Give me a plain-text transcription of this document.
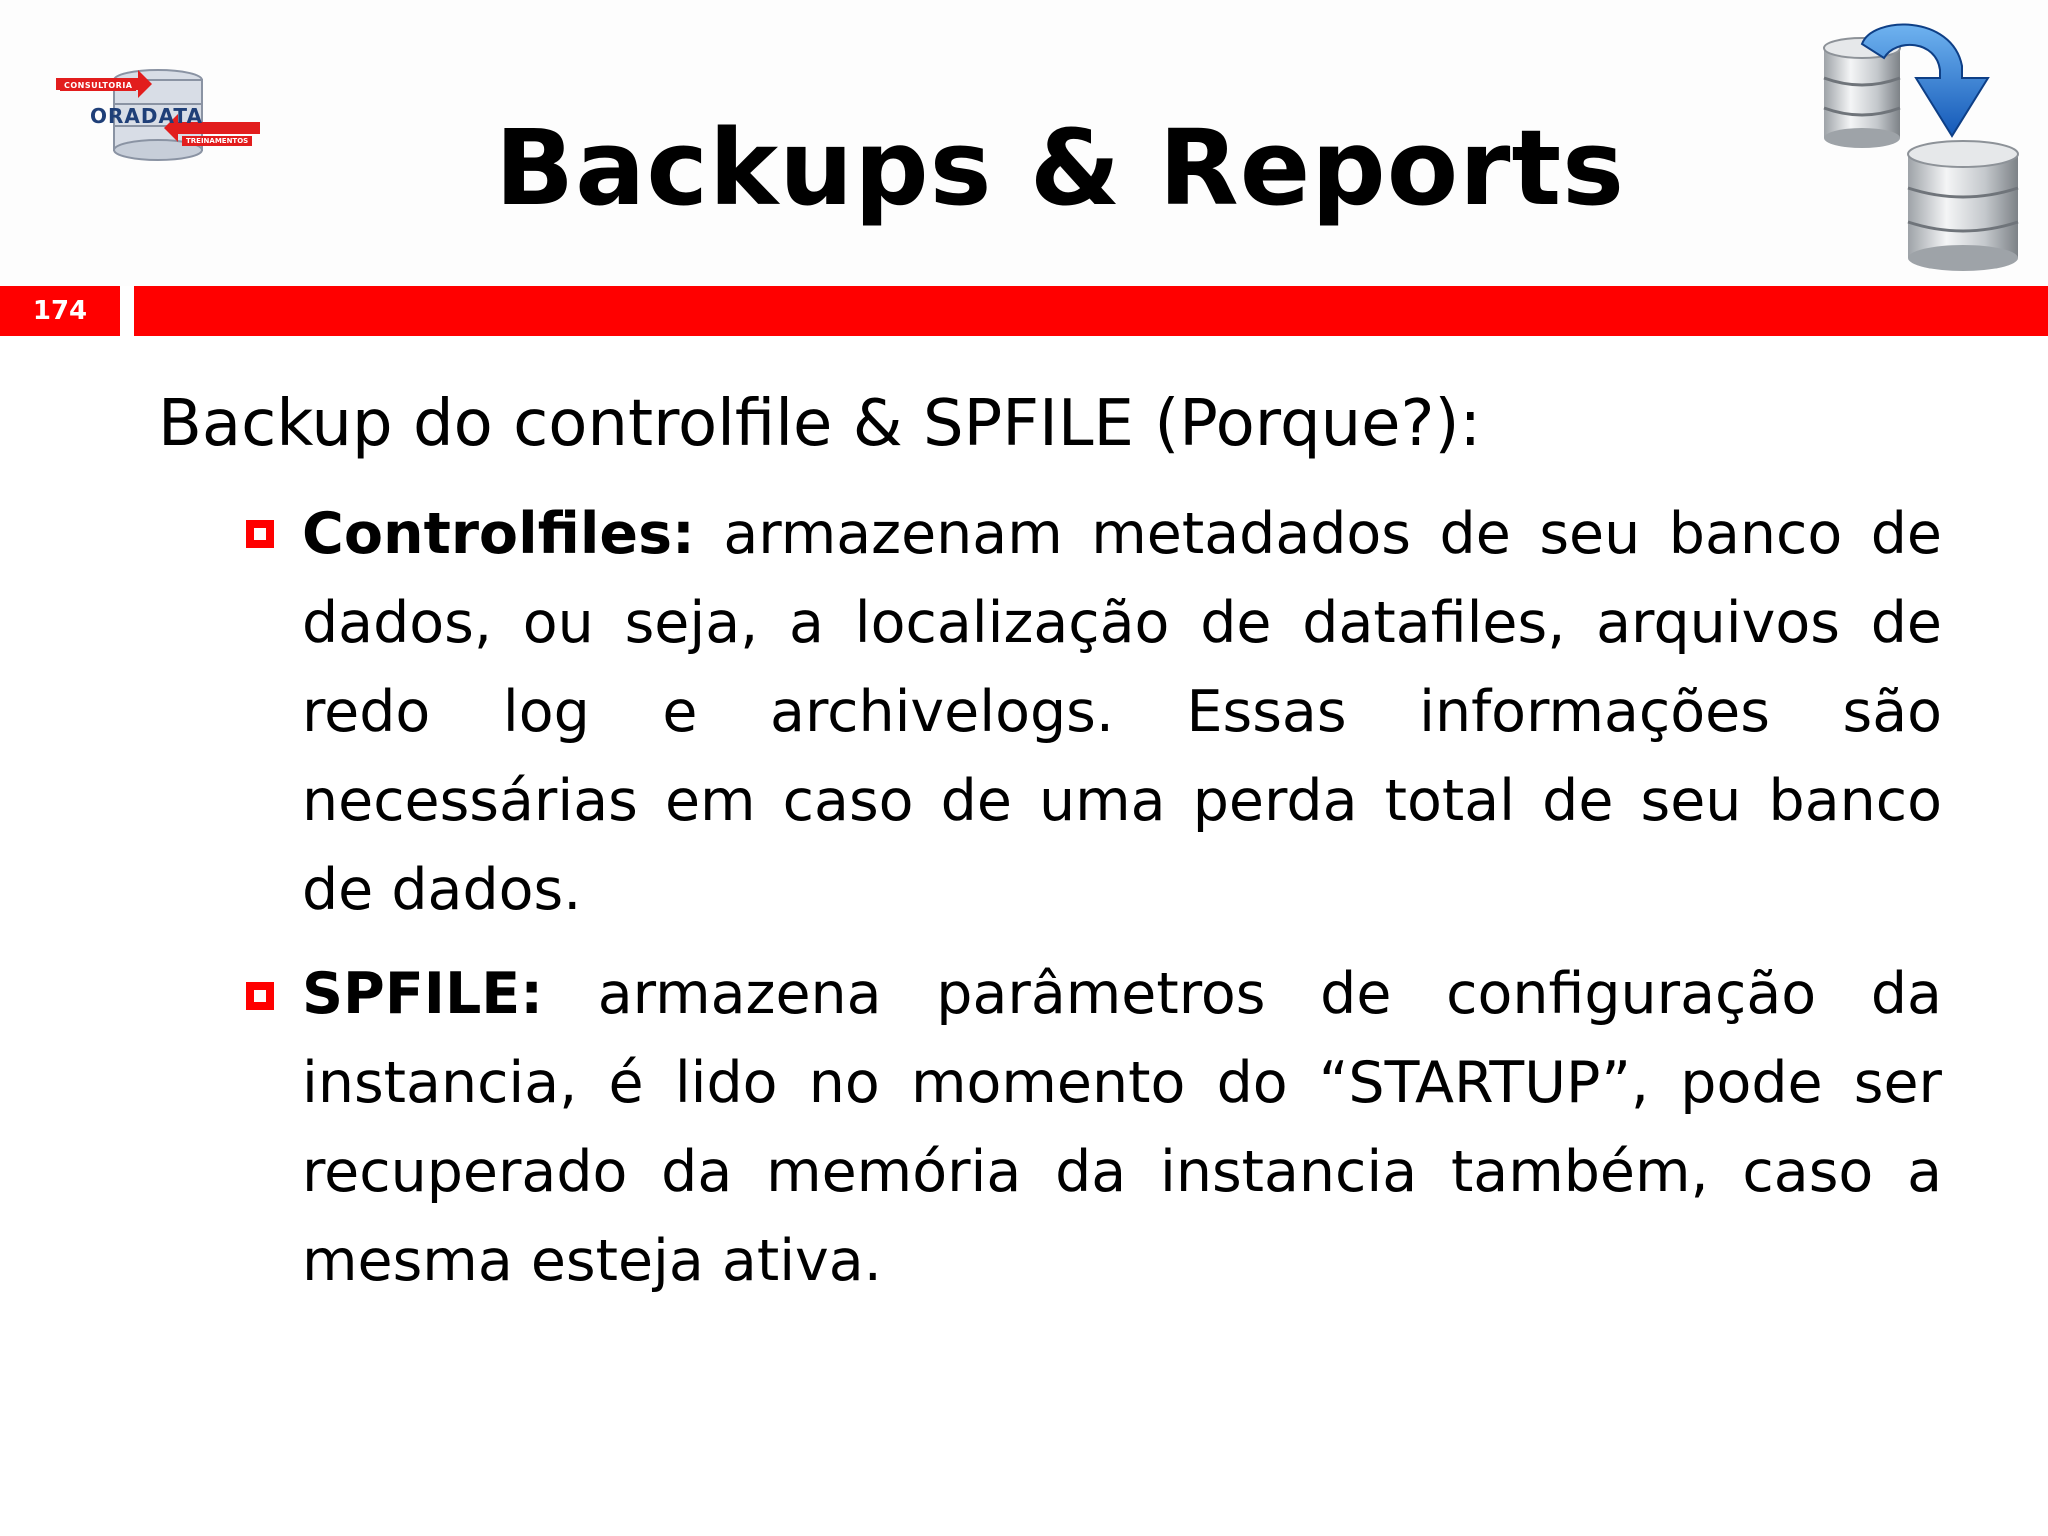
CONSULTORIA
ORADATA
TREINAMENTOS	Backups & Reports
174
Backup do controlfile & SPFILE (Porque?):
Controlfiles: armazenam metadados de seu banco de dados, ou seja, a localização de datafiles, arquivos de redo log e archivelogs. Essas informações são necessárias em caso de uma perda total de seu banco de dados.
SPFILE: armazena parâmetros de configuração da instancia, é lido no momento do “STARTUP”, pode ser recuperado da memória da instancia também, caso a mesma esteja ativa.
